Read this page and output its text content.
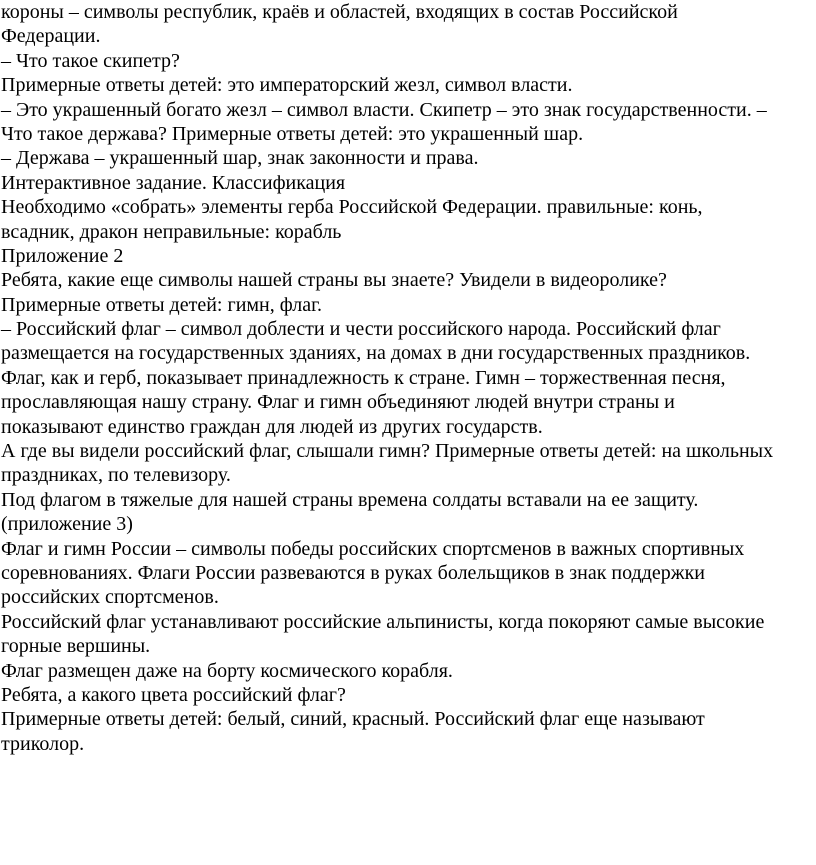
короны – символы республик, краёв и областей, входящих в состав Российской
Федерации.
– Что такое скипетр?
Примерные ответы детей: это императорский жезл, символ власти.
– Это украшенный богато жезл – символ власти. Скипетр – это знак государственности. –
Что такое держава? Примерные ответы детей: это украшенный шар.
– Держава – украшенный шар, знак законности и права.
Интерактивное задание. Классификация
Необходимо «собрать» элементы герба Российской Федерации. правильные: конь,
всадник, дракон неправильные: корабль
Приложение 2
Ребята, какие еще символы нашей страны вы знаете? Увидели в видеоролике?
Примерные ответы детей: гимн, флаг.
– Российский флаг – символ доблести и чести российского народа. Российский флаг
размещается на государственных зданиях, на домах в дни государственных праздников.
Флаг, как и герб, показывает принадлежность к стране. Гимн – торжественная песня,
прославляющая нашу страну. Флаг и гимн объединяют людей внутри страны и
показывают единство граждан для людей из других государств.
А где вы видели российский флаг, слышали гимн? Примерные ответы детей: на школьных
праздниках, по телевизору.
Под флагом в тяжелые для нашей страны времена солдаты вставали на ее защиту.
(приложение 3)
Флаг и гимн России – символы победы российских спортсменов в важных спортивных
соревнованиях. Флаги России развеваются в руках болельщиков в знак поддержки
российских спортсменов.
Российский флаг устанавливают российские альпинисты, когда покоряют самые высокие
горные вершины.
Флаг размещен даже на борту космического корабля.
Ребята, а какого цвета российский флаг?
Примерные ответы детей: белый, синий, красный. Российский флаг еще называют
триколор.
